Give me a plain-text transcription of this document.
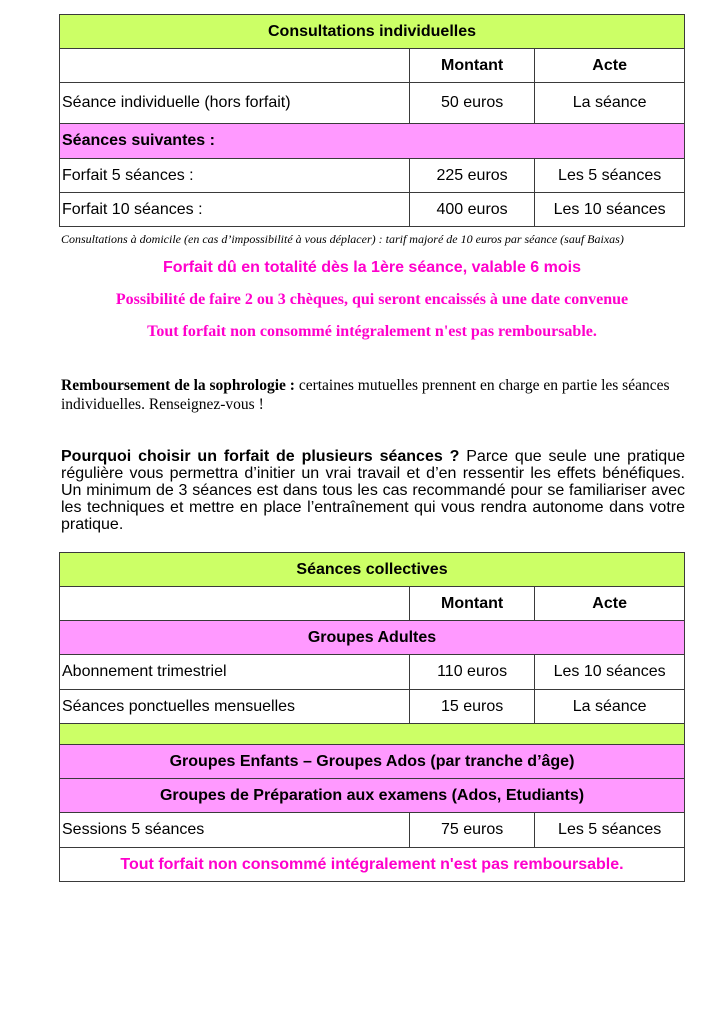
Consultations individuelles		
	Montant	Acte
Séance individuelle (hors forfait)	50 euros	La séance
Séances suivantes :		
Forfait 5 séances :	225 euros	Les 5 séances
Forfait 10 séances :	400 euros	Les 10 séances
Consultations à domicile (en cas d’impossibilité à vous déplacer) : tarif majoré de 10 euros par séance (sauf Baixas)
Forfait dû en totalité dès la 1ère séance, valable 6 mois
Possibilité de faire 2 ou 3 chèques, qui seront encaissés à une date convenue
Tout forfait non consommé intégralement n'est pas remboursable.
Remboursement de la sophrologie : certaines mutuelles prennent en charge en partie les séances individuelles. Renseignez-vous !
Pourquoi choisir un forfait de plusieurs séances ? Parce que seule une pratique régulière vous permettra d’initier un vrai travail et d’en ressentir les effets bénéfiques. Un minimum de 3 séances est dans tous les cas recommandé pour se familiariser avec les techniques et mettre en place l’entraînement qui vous rendra autonome dans votre pratique.
Séances collectives		
	Montant	Acte
Groupes Adultes		
Abonnement trimestriel	110 euros	Les 10 séances
Séances ponctuelles mensuelles	15 euros	La séance

Groupes Enfants – Groupes Ados (par tranche d’âge)		
Groupes de Préparation aux examens (Ados, Etudiants)		
Sessions 5 séances	75 euros	Les 5 séances
Tout forfait non consommé intégralement n'est pas remboursable.		
